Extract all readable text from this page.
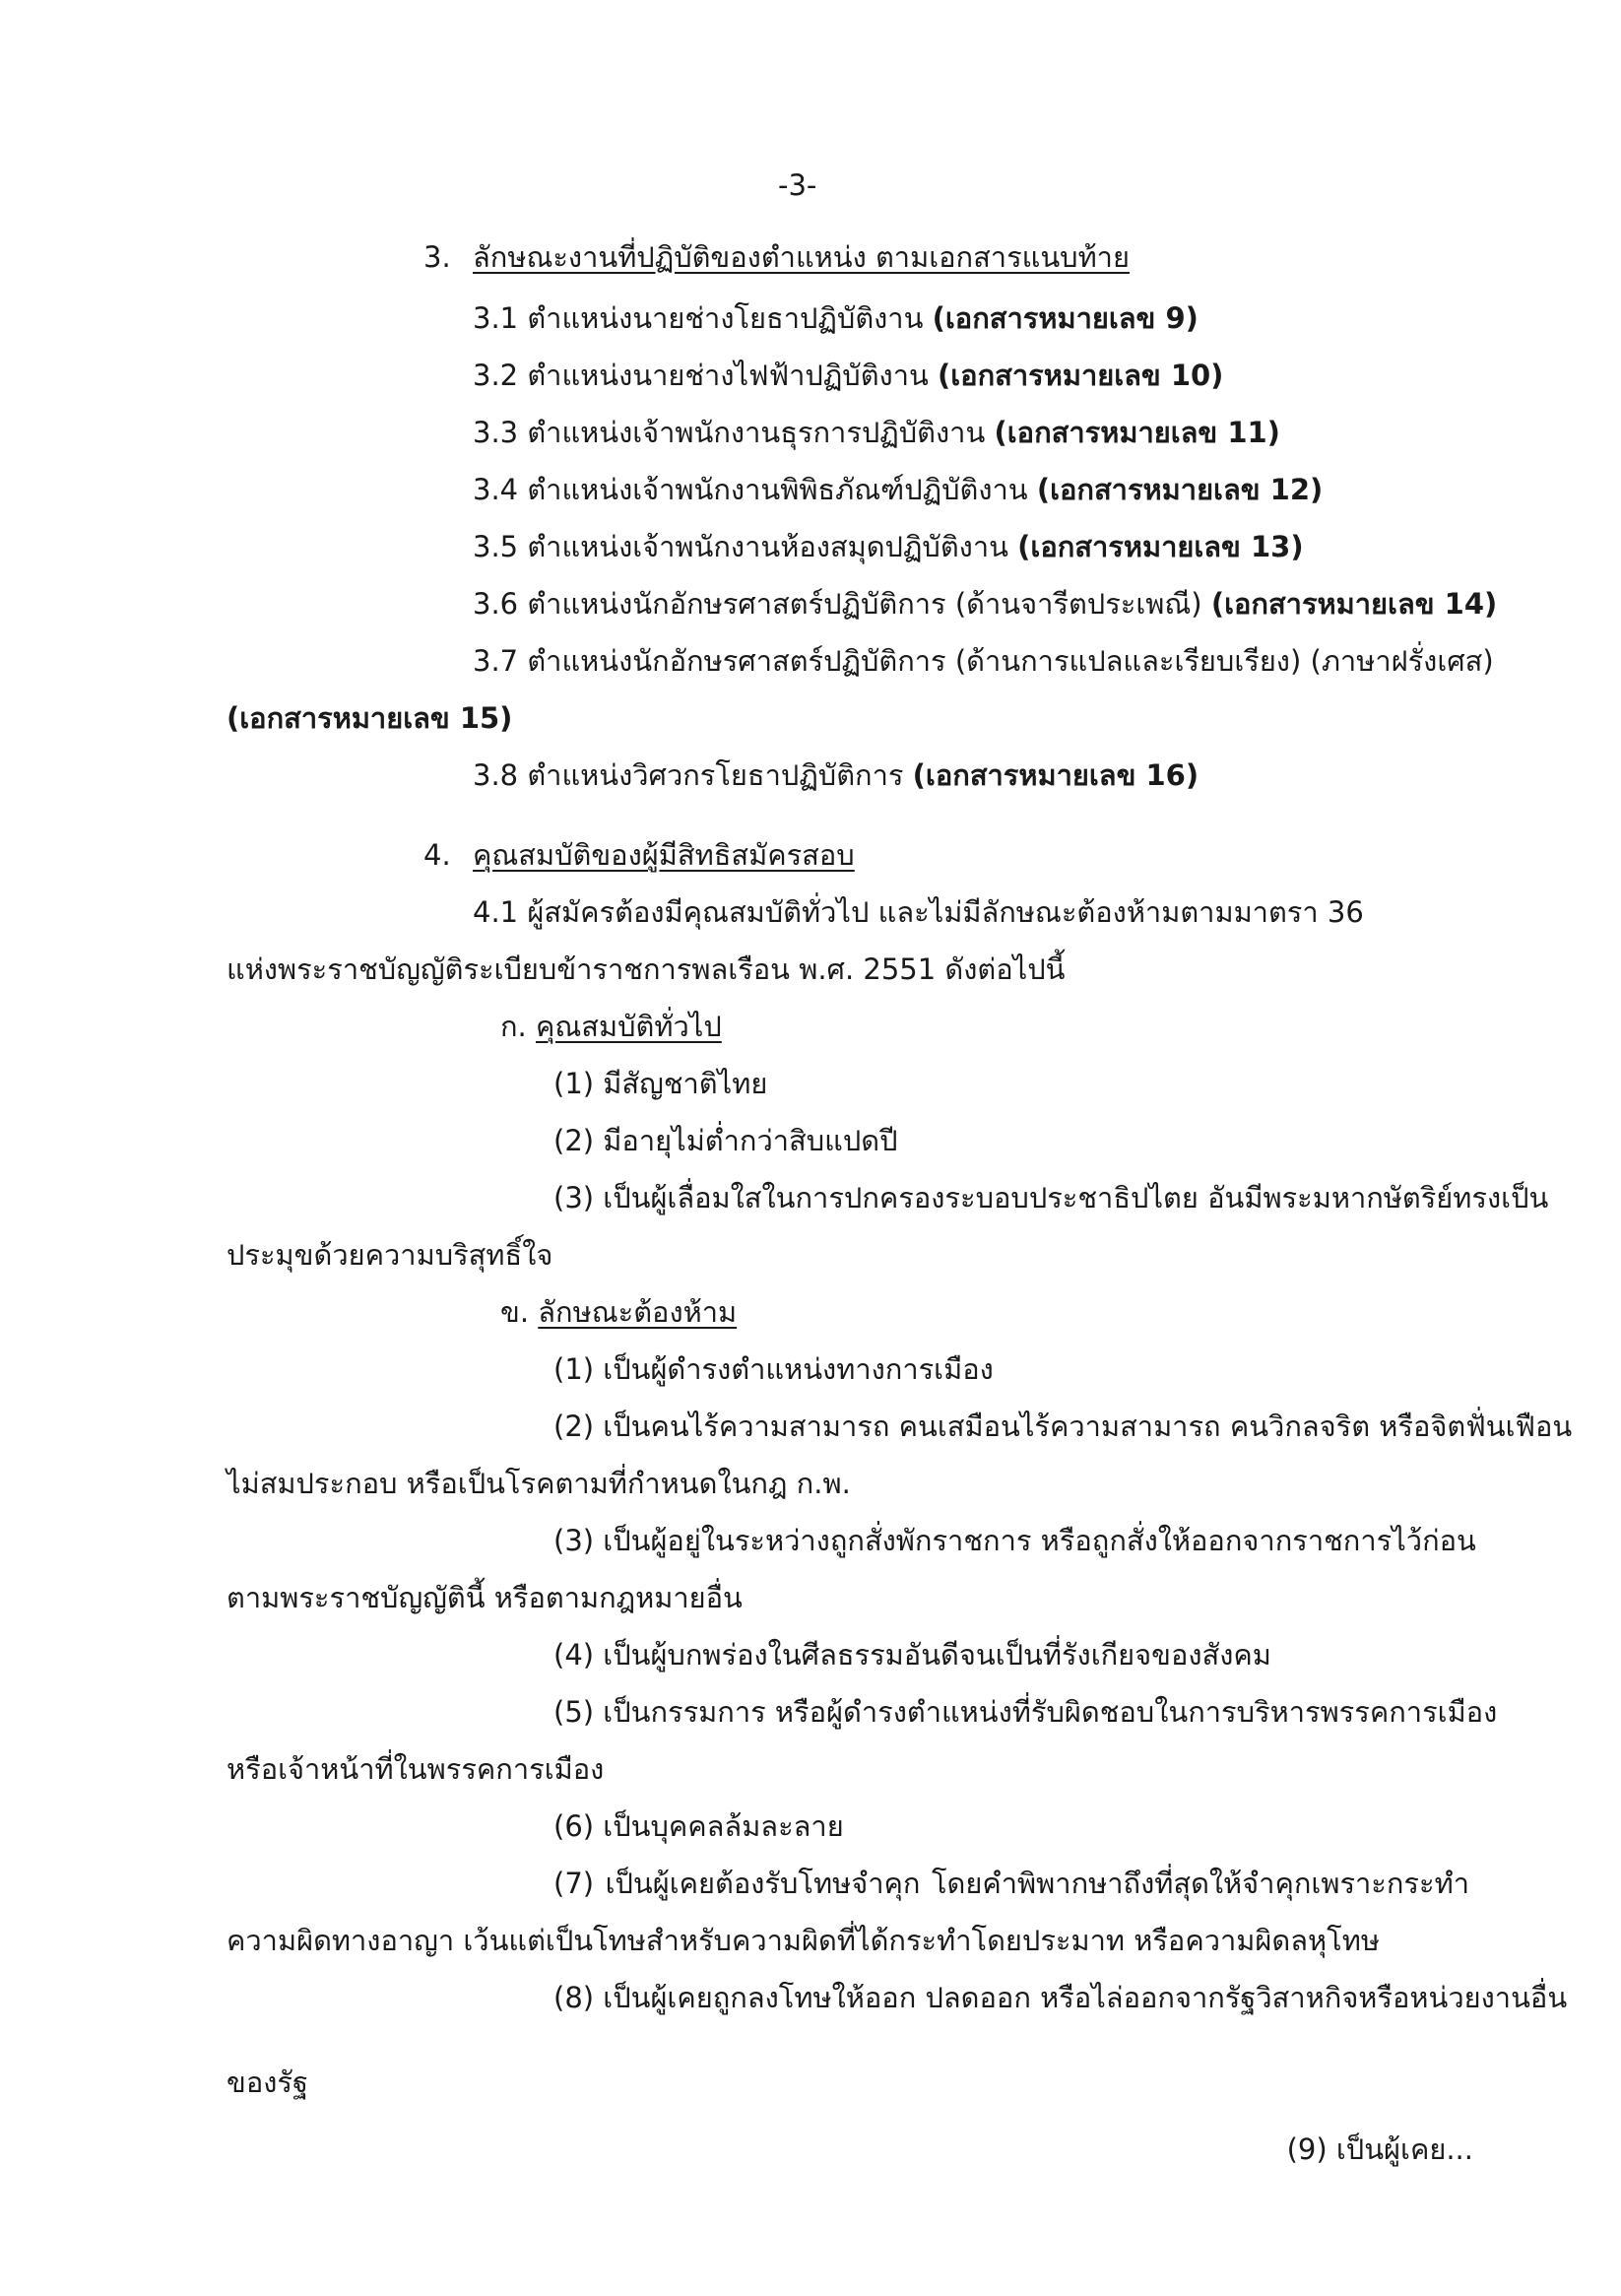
-3-
3. ลักษณะงานที่ปฏิบัติของตำแหน่ง ตามเอกสารแนบท้าย
3.1 ตำแหน่งนายช่างโยธาปฏิบัติงาน (เอกสารหมายเลข 9)
3.2 ตำแหน่งนายช่างไฟฟ้าปฏิบัติงาน (เอกสารหมายเลข 10)
3.3 ตำแหน่งเจ้าพนักงานธุรการปฏิบัติงาน (เอกสารหมายเลข 11)
3.4 ตำแหน่งเจ้าพนักงานพิพิธภัณฑ์ปฏิบัติงาน (เอกสารหมายเลข 12)
3.5 ตำแหน่งเจ้าพนักงานห้องสมุดปฏิบัติงาน (เอกสารหมายเลข 13)
3.6 ตำแหน่งนักอักษรศาสตร์ปฏิบัติการ (ด้านจารีตประเพณี) (เอกสารหมายเลข 14)
3.7 ตำแหน่งนักอักษรศาสตร์ปฏิบัติการ (ด้านการแปลและเรียบเรียง) (ภาษาฝรั่งเศส)
(เอกสารหมายเลข 15)
3.8 ตำแหน่งวิศวกรโยธาปฏิบัติการ (เอกสารหมายเลข 16)
4. คุณสมบัติของผู้มีสิทธิสมัครสอบ
4.1 ผู้สมัครต้องมีคุณสมบัติทั่วไป และไม่มีลักษณะต้องห้ามตามมาตรา 36
แห่งพระราชบัญญัติระเบียบข้าราชการพลเรือน พ.ศ. 2551 ดังต่อไปนี้
ก. คุณสมบัติทั่วไป
(1) มีสัญชาติไทย
(2) มีอายุไม่ต่ำกว่าสิบแปดปี
(3) เป็นผู้เลื่อมใสในการปกครองระบอบประชาธิปไตย อันมีพระมหากษัตริย์ทรงเป็น
ประมุขด้วยความบริสุทธิ์ใจ
ข. ลักษณะต้องห้าม
(1) เป็นผู้ดำรงตำแหน่งทางการเมือง
(2) เป็นคนไร้ความสามารถ คนเสมือนไร้ความสามารถ คนวิกลจริต หรือจิตฟั่นเฟือน
ไม่สมประกอบ หรือเป็นโรคตามที่กำหนดในกฎ ก.พ.
(3) เป็นผู้อยู่ในระหว่างถูกสั่งพักราชการ หรือถูกสั่งให้ออกจากราชการไว้ก่อน
ตามพระราชบัญญัตินี้ หรือตามกฎหมายอื่น
(4) เป็นผู้บกพร่องในศีลธรรมอันดีจนเป็นที่รังเกียจของสังคม
(5) เป็นกรรมการ หรือผู้ดำรงตำแหน่งที่รับผิดชอบในการบริหารพรรคการเมือง
หรือเจ้าหน้าที่ในพรรคการเมือง
(6) เป็นบุคคลล้มละลาย
(7) เป็นผู้เคยต้องรับโทษจำคุก โดยคำพิพากษาถึงที่สุดให้จำคุกเพราะกระทำ
ความผิดทางอาญา เว้นแต่เป็นโทษสำหรับความผิดที่ได้กระทำโดยประมาท หรือความผิดลหุโทษ
(8) เป็นผู้เคยถูกลงโทษให้ออก ปลดออก หรือไล่ออกจากรัฐวิสาหกิจหรือหน่วยงานอื่น
ของรัฐ
(9) เป็นผู้เคย...
